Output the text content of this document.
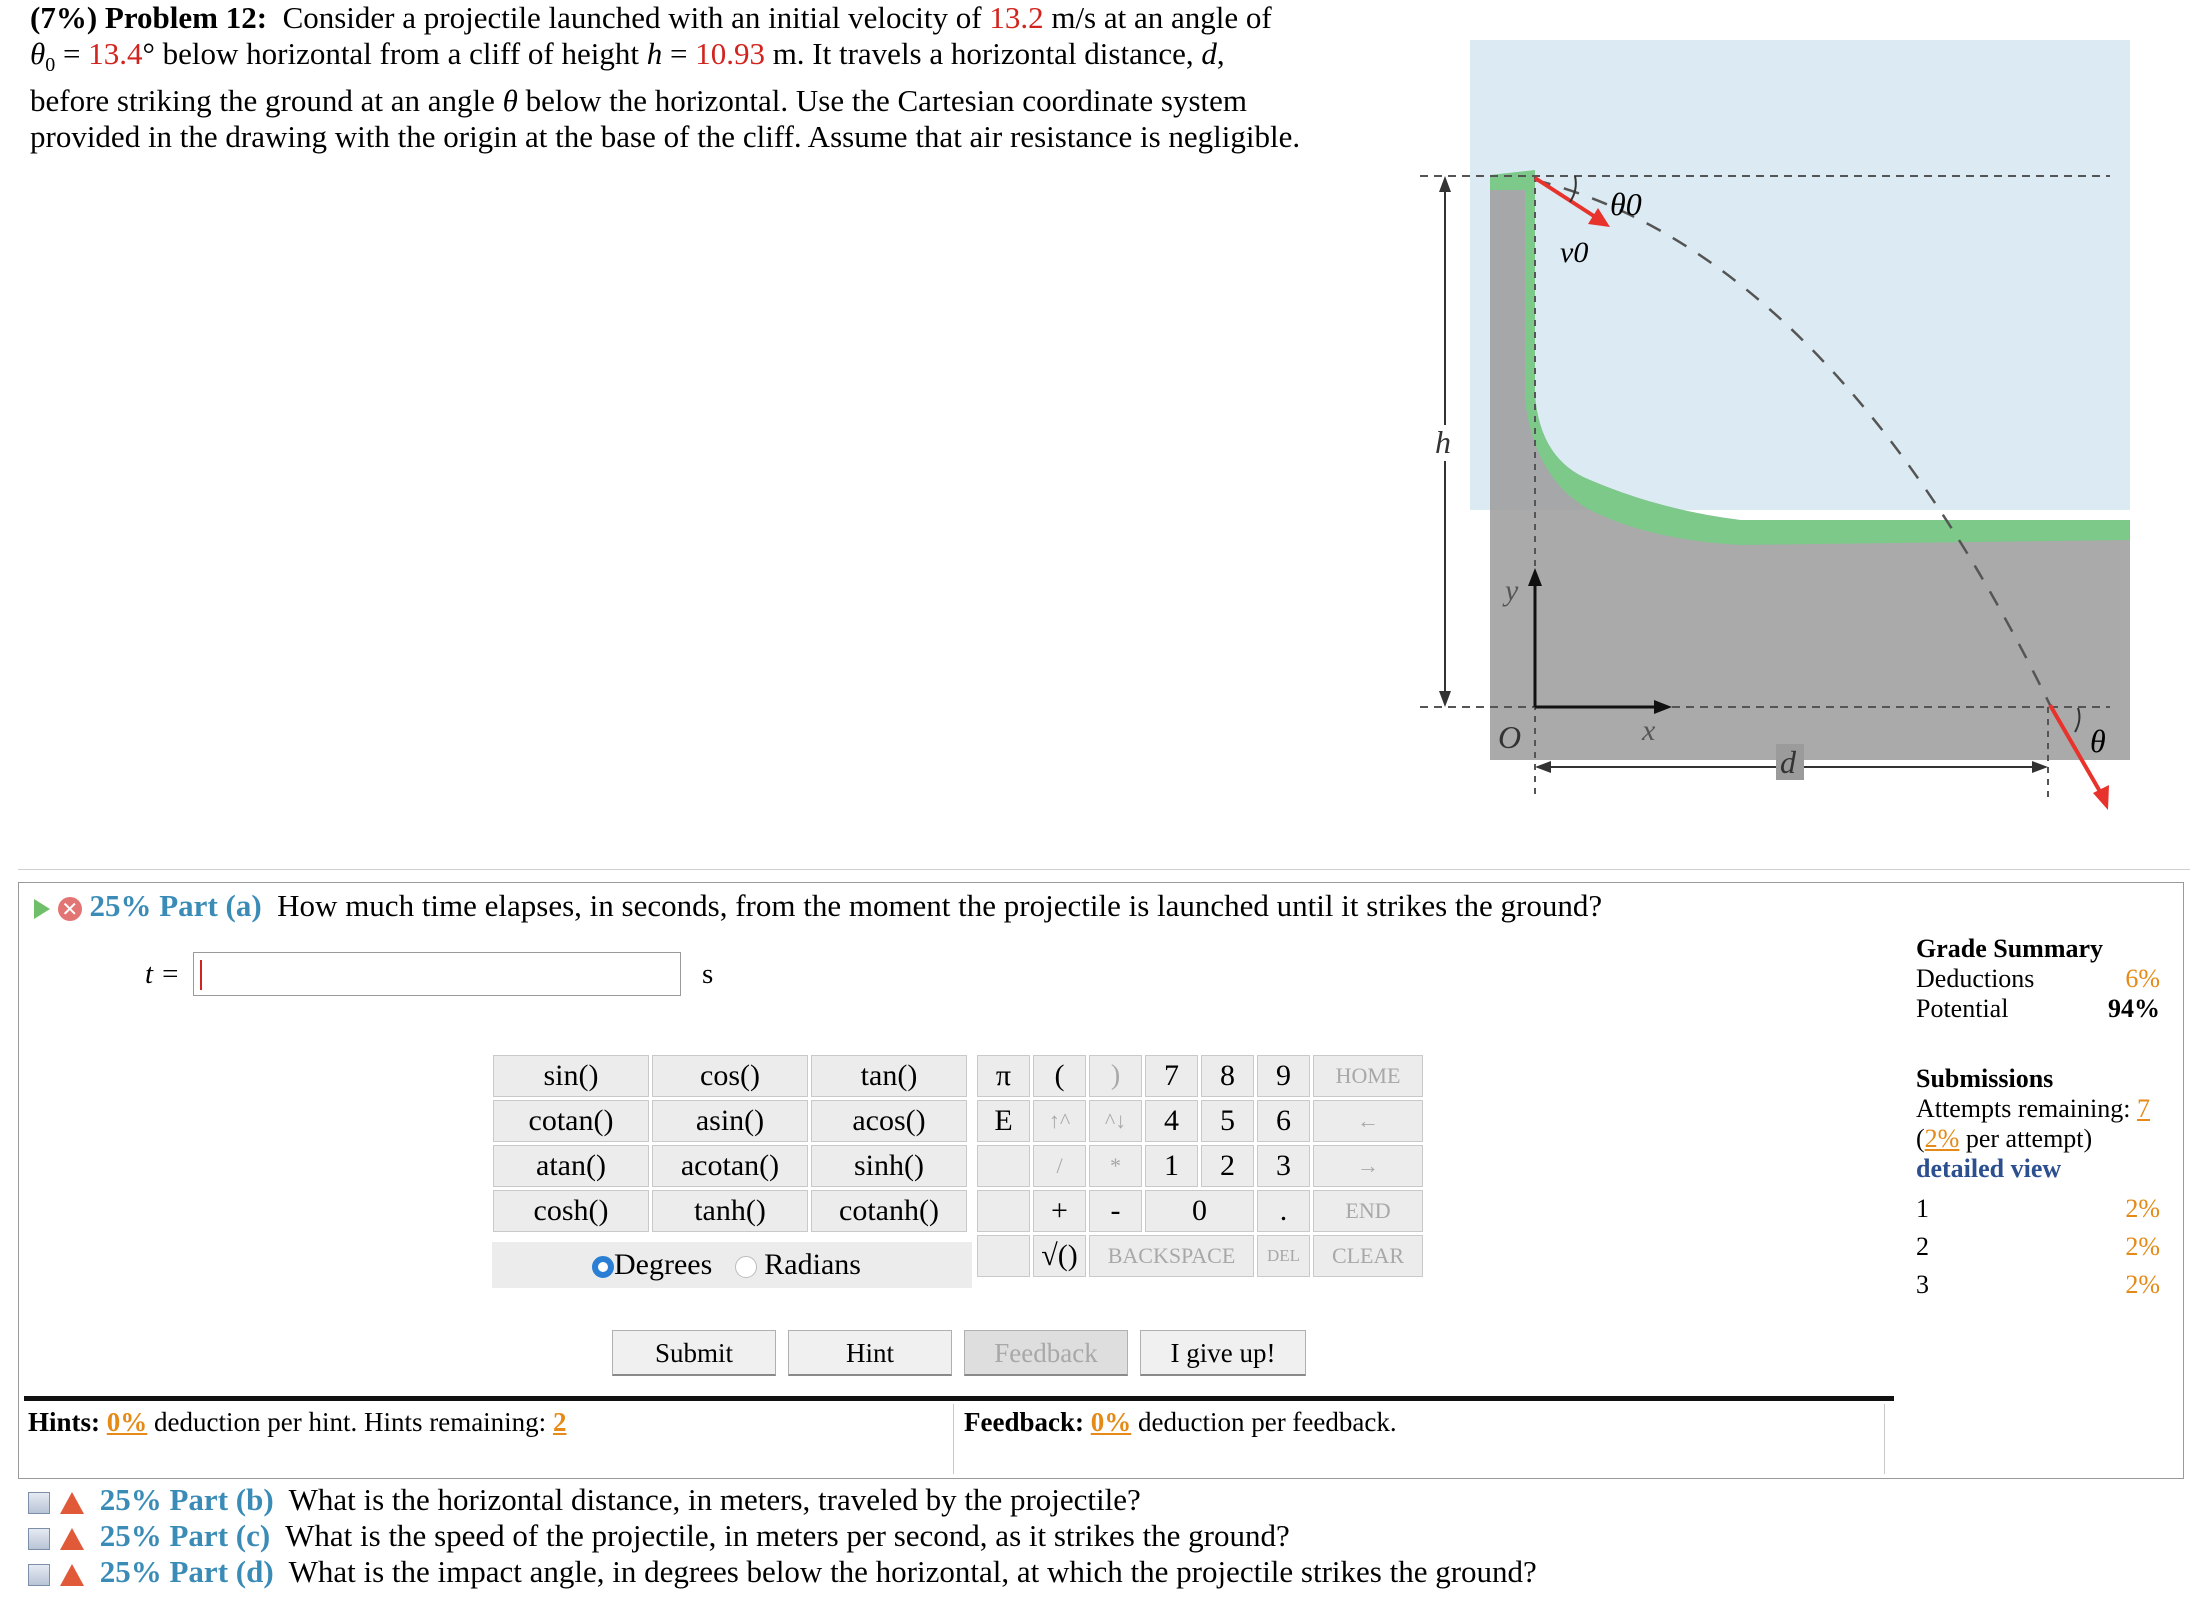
(7%) Problem 12: Consider a projectile launched with an initial velocity of 13.2 m/s at an angle of
$\theta_0 = 13.4^\circ$ below horizontal from a cliff of height h = 10.93 m. It travels a horizontal distance, d,
before striking the ground at an angle θ below the horizontal. Use the Cartesian coordinate system
provided in the drawing with the origin at the base of the cliff. Assume that air resistance is negligible.
h
θ0
v0
y
x
O
d
θ
✕ 25% Part (a) How much time elapses, in seconds, from the moment the projectile is launched until it strikes the ground?
t =	s
sin()	cos()	tan()
cotan()	asin()	acos()
atan()	acotan()	sinh()
cosh()	tanh()	cotanh()
Degrees Radians
π	(	)	7	8	9	HOME
E	↑^	^↓	4	5	6	←
	/	*	1	2	3	→
	+	-	0		.	END
	√()	BACKSPACE			DEL	CLEAR
Submit	Hint	Feedback	I give up!
Hints: 0% deduction per hint. Hints remaining: 2	Feedback: 0% deduction per feedback.
Grade Summary
Deductions	6%
Potential	94%
Submissions
Attempts remaining: 7
(2% per attempt)
detailed view
1	2%
2	2%
3	2%
25% Part (b) What is the horizontal distance, in meters, traveled by the projectile?
25% Part (c) What is the speed of the projectile, in meters per second, as it strikes the ground?
25% Part (d) What is the impact angle, in degrees below the horizontal, at which the projectile strikes the ground?
